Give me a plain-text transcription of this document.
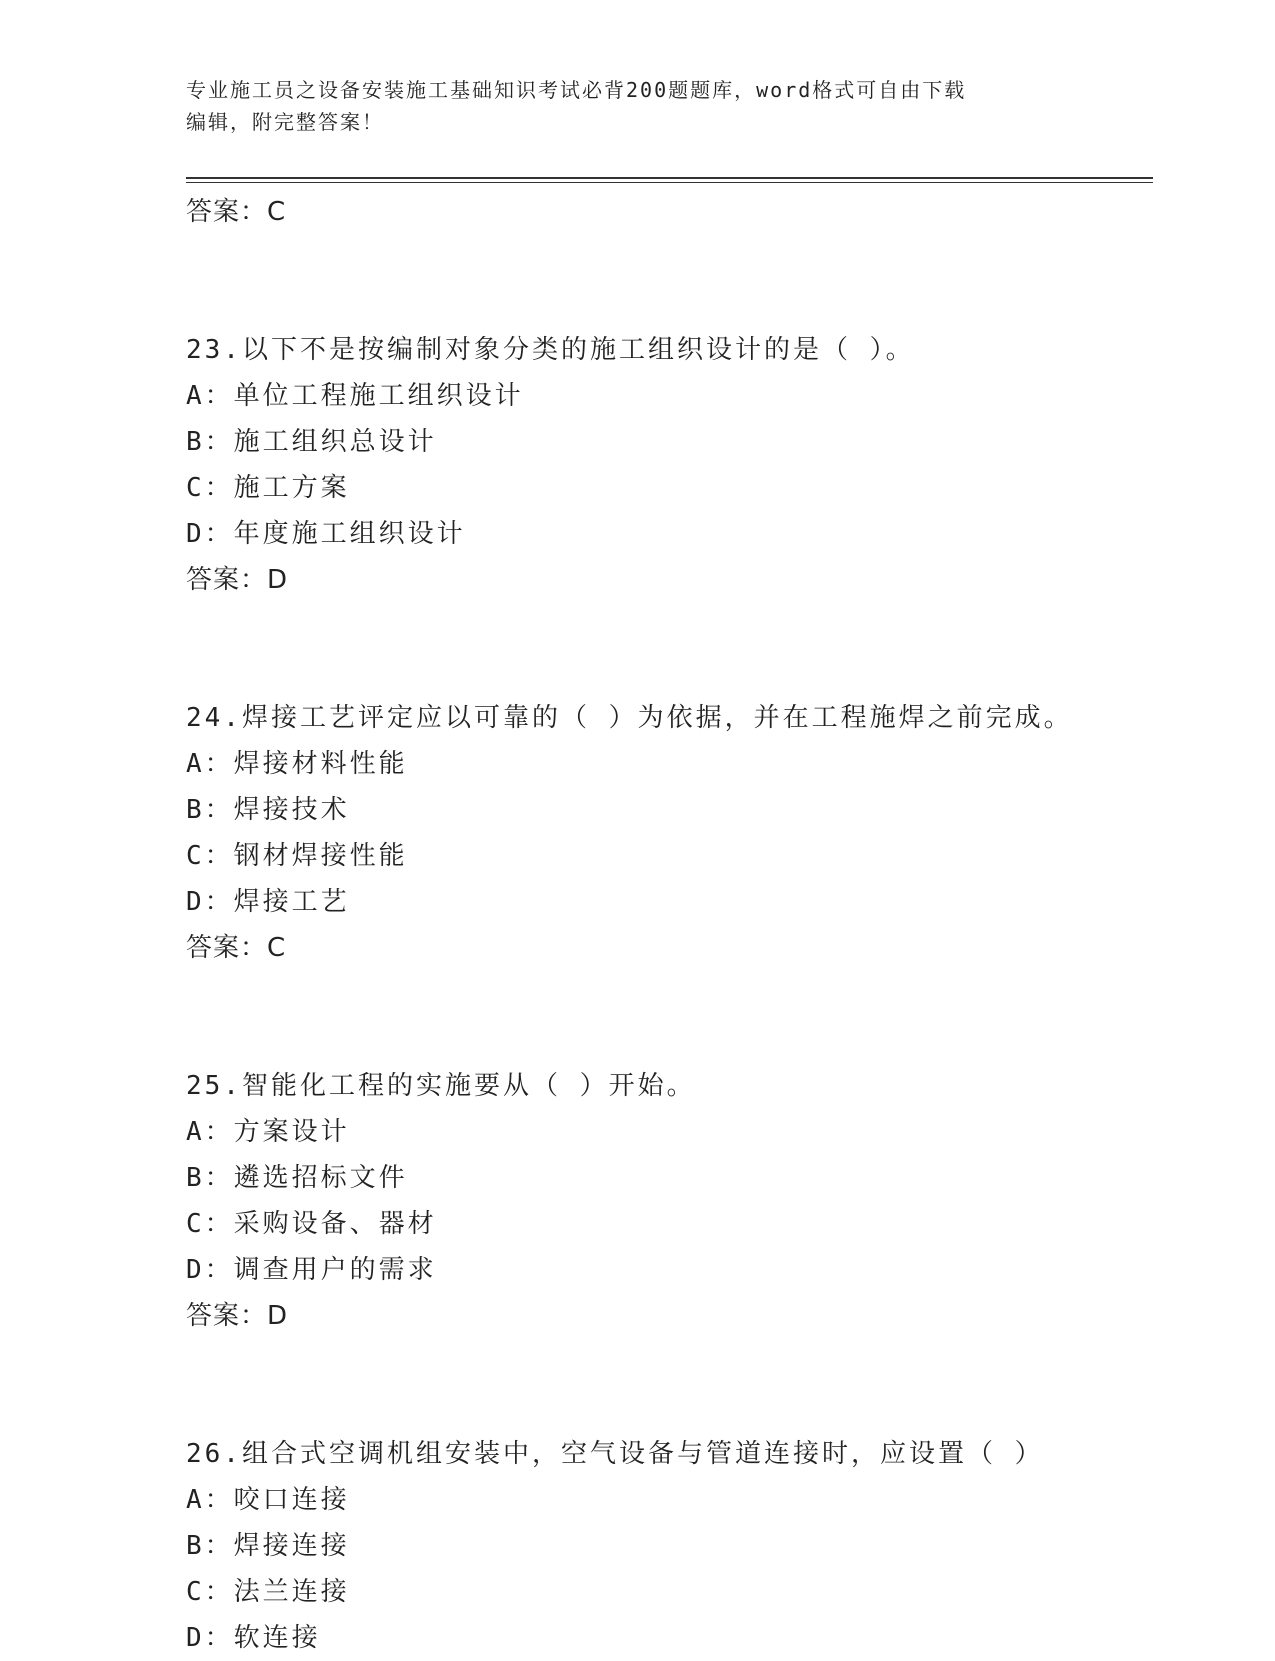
专业施工员之设备安装施工基础知识考试必背200题题库，word格式可自由下载
编辑，附完整答案！
答案：C
23.以下不是按编制对象分类的施工组织设计的是（ ）。
A：单位工程施工组织设计
B：施工组织总设计
C：施工方案
D：年度施工组织设计
答案：D
24.焊接工艺评定应以可靠的（ ）为依据，并在工程施焊之前完成。
A：焊接材料性能
B：焊接技术
C：钢材焊接性能
D：焊接工艺
答案：C
25.智能化工程的实施要从（ ）开始。
A：方案设计
B：遴选招标文件
C：采购设备、器材
D：调查用户的需求
答案：D
26.组合式空调机组安装中，空气设备与管道连接时，应设置（ ）
A：咬口连接
B：焊接连接
C：法兰连接
D：软连接
